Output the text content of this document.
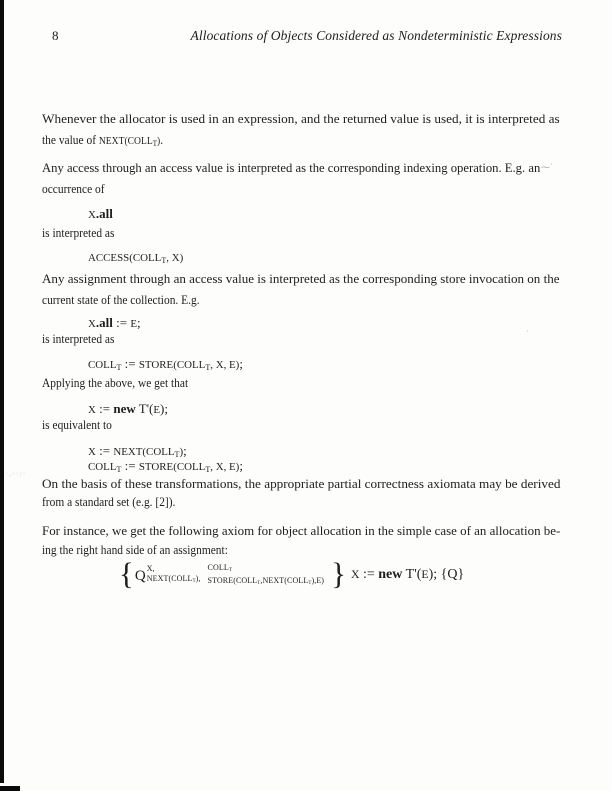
8	Allocations of Objects Considered as Nondeterministic Expressions
Whenever the allocator is used in an expression, and the returned value is used, it is interpreted as
the value of NEXT(COLLT).
Any access through an access value is interpreted as the corresponding indexing operation. E.g. an
occurrence of
X.all
is interpreted as
ACCESS(COLLT, X)
Any assignment through an access value is interpreted as the corresponding store invocation on the
current state of the collection. E.g.
X.all := E;
is interpreted as
COLLT := STORE(COLLT, X, E);
Applying the above, we get that
X := new T'(E);
is equivalent to
X := NEXT(COLLT);
COLLT := STORE(COLLT, X, E);
On the basis of these transformations, the appropriate partial correctness axiomata may be derived
from a standard set (e.g. [2]).
For instance, we get the following axiom for object allocation in the simple case of an allocation be-
ing the right hand side of an assignment:
{ Q X,
NEXT(COLLT),
COLLT
STORE(COLLT,NEXT(COLLT),E) } X := new T'(E); {Q}
·.··:·
⁓˙
·
